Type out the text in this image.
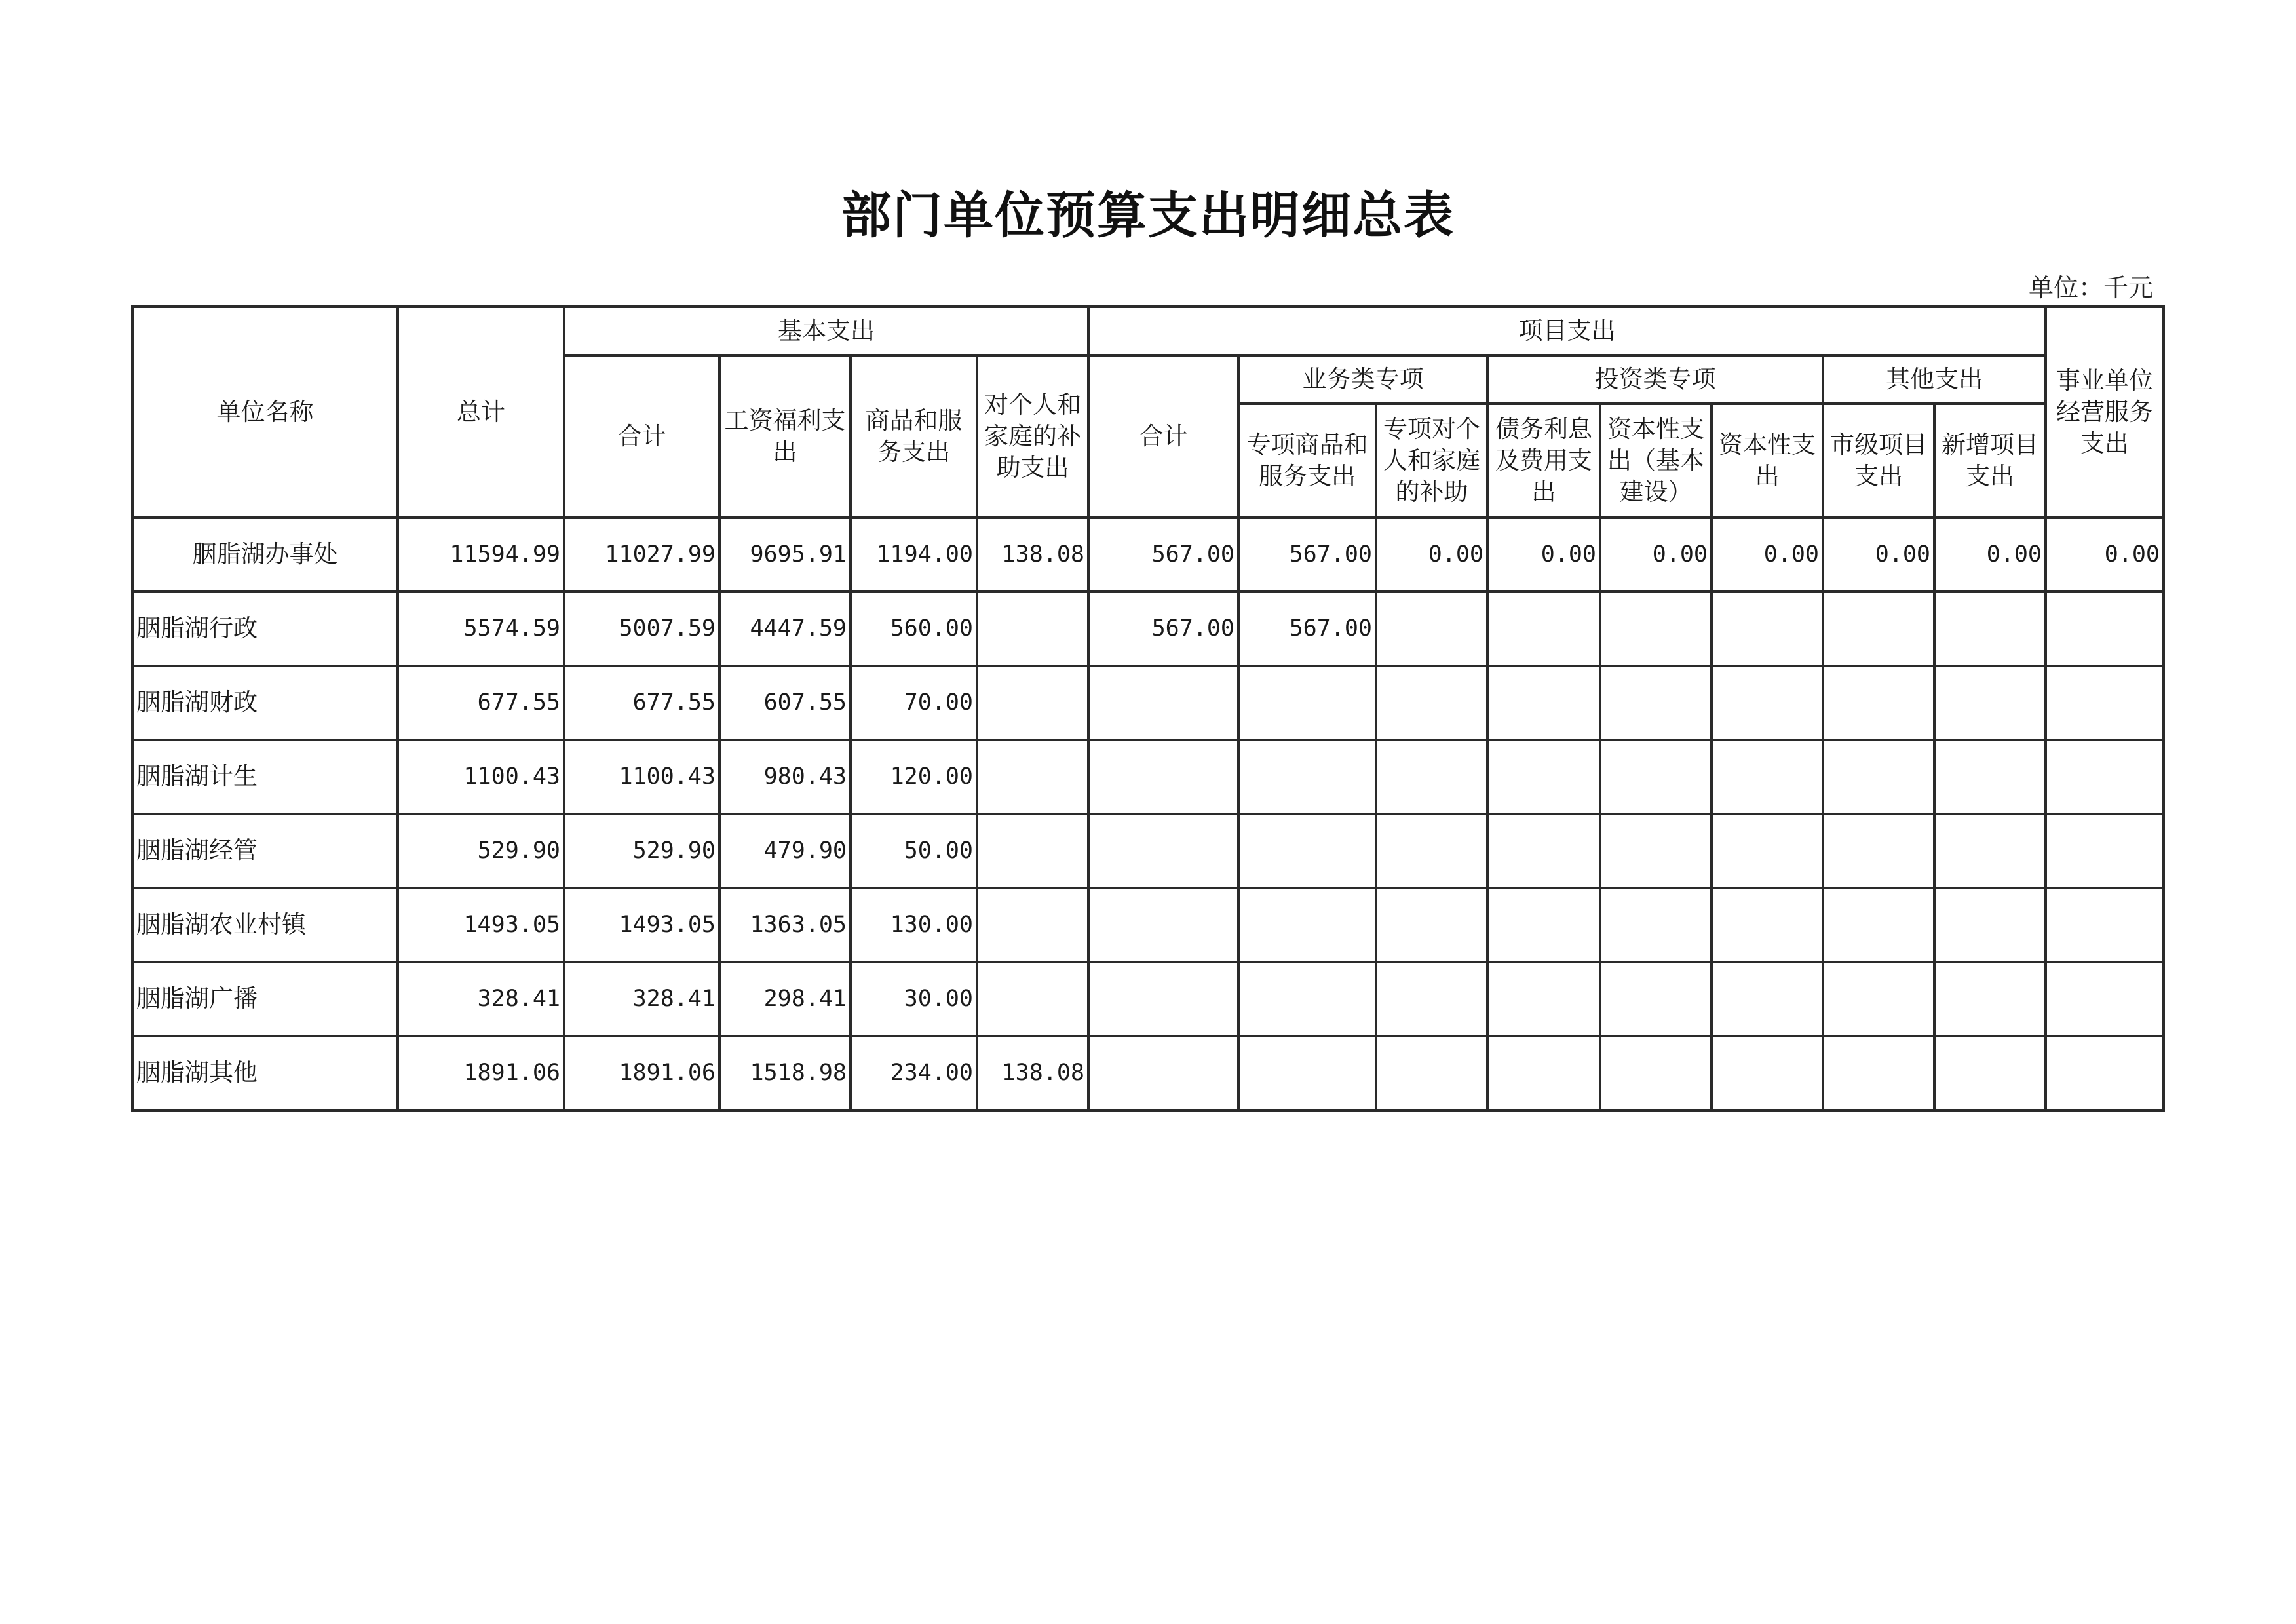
部门单位预算支出明细总表
单位：千元
单位名称	总计	基本支出				项目支出								事业单位经营服务支出
		合计	工资福利支出	商品和服务支出	对个人和家庭的补助支出	合计	业务类专项		投资类专项			其他支出		
							专项商品和服务支出	专项对个人和家庭的补助	债务利息及费用支出	资本性支出（基本建设）	资本性支出	市级项目支出	新增项目支出	
胭脂湖办事处	11594.99	11027.99	9695.91	1194.00	138.08	567.00	567.00	0.00	0.00	0.00	0.00	0.00	0.00	0.00
胭脂湖行政	5574.59	5007.59	4447.59	560.00		567.00	567.00							
胭脂湖财政	677.55	677.55	607.55	70.00										
胭脂湖计生	1100.43	1100.43	980.43	120.00										
胭脂湖经管	529.90	529.90	479.90	50.00										
胭脂湖农业村镇	1493.05	1493.05	1363.05	130.00										
胭脂湖广播	328.41	328.41	298.41	30.00										
胭脂湖其他	1891.06	1891.06	1518.98	234.00	138.08									
